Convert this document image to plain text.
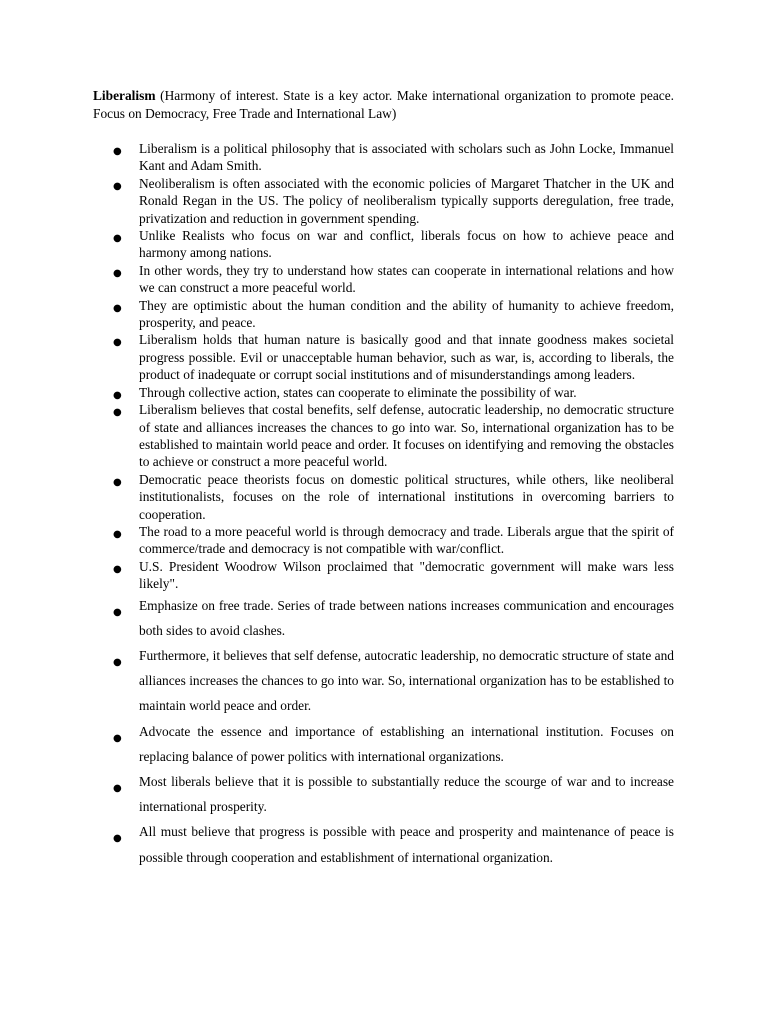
Liberalism (Harmony of interest. State is a key actor. Make international organization to promote peace. Focus on Democracy, Free Trade and International Law)

● Liberalism is a political philosophy that is associated with scholars such as John Locke, Immanuel Kant and Adam Smith.
● Neoliberalism is often associated with the economic policies of Margaret Thatcher in the UK and Ronald Regan in the US. The policy of neoliberalism typically supports deregulation, free trade, privatization and reduction in government spending.
● Unlike Realists who focus on war and conflict, liberals focus on how to achieve peace and harmony among nations.
● In other words, they try to understand how states can cooperate in international relations and how we can construct a more peaceful world.
● They are optimistic about the human condition and the ability of humanity to achieve freedom, prosperity, and peace.
● Liberalism holds that human nature is basically good and that innate goodness makes societal progress possible. Evil or unacceptable human behavior, such as war, is, according to liberals, the product of inadequate or corrupt social institutions and of misunderstandings among leaders.
● Through collective action, states can cooperate to eliminate the possibility of war.
● Liberalism believes that costal benefits, self defense, autocratic leadership, no democratic structure of state and alliances increases the chances to go into war. So, international organization has to be established to maintain world peace and order. It focuses on identifying and removing the obstacles to achieve or construct a more peaceful world.
● Democratic peace theorists focus on domestic political structures, while others, like neoliberal institutionalists, focuses on the role of international institutions in overcoming barriers to cooperation.
● The road to a more peaceful world is through democracy and trade. Liberals argue that the spirit of commerce/trade and democracy is not compatible with war/conflict.
● U.S. President Woodrow Wilson proclaimed that "democratic government will make wars less likely".
● Emphasize on free trade. Series of trade between nations increases communication and encourages both sides to avoid clashes.
● Furthermore, it believes that self defense, autocratic leadership, no democratic structure of state and alliances increases the chances to go into war. So, international organization has to be established to maintain world peace and order.
● Advocate the essence and importance of establishing an international institution. Focuses on replacing balance of power politics with international organizations.
● Most liberals believe that it is possible to substantially reduce the scourge of war and to increase international prosperity.
● All must believe that progress is possible with peace and prosperity and maintenance of peace is possible through cooperation and establishment of international organization.
